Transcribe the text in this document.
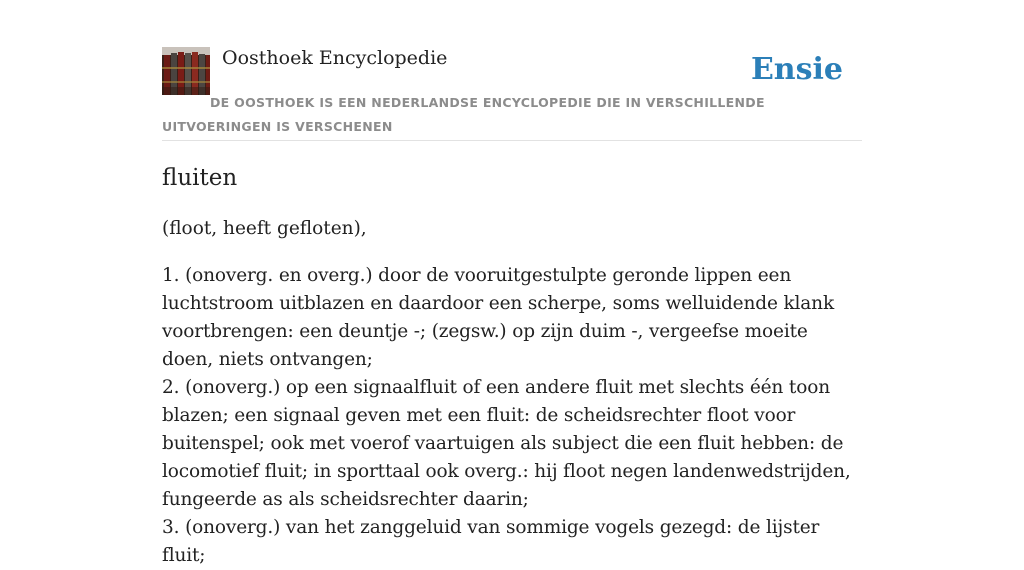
Oosthoek Encyclopedie	Ensie
DE OOSTHOEK IS EEN NEDERLANDSE ENCYCLOPEDIE DIE IN VERSCHILLENDE UITVOERINGEN IS VERSCHENEN
fluiten

(floot, heeft gefloten),

1. (onoverg. en overg.) door de vooruitgestulpte geronde lippen een luchtstroom uitblazen en daardoor een scherpe, soms welluidende klank voortbrengen: een deuntje -; (zegsw.) op zijn duim -, vergeefse moeite doen, niets ontvangen;
2. (onoverg.) op een signaalfluit of een andere fluit met slechts één toon blazen; een signaal geven met een fluit: de scheidsrechter floot voor buitenspel; ook met voerof vaartuigen als subject die een fluit hebben: de locomotief fluit; in sporttaal ook overg.: hij floot negen landenwedstrijden, fungeerde as als scheidsrechter daarin;
3. (onoverg.) van het zanggeluid van sommige vogels gezegd: de lijster fluit;
